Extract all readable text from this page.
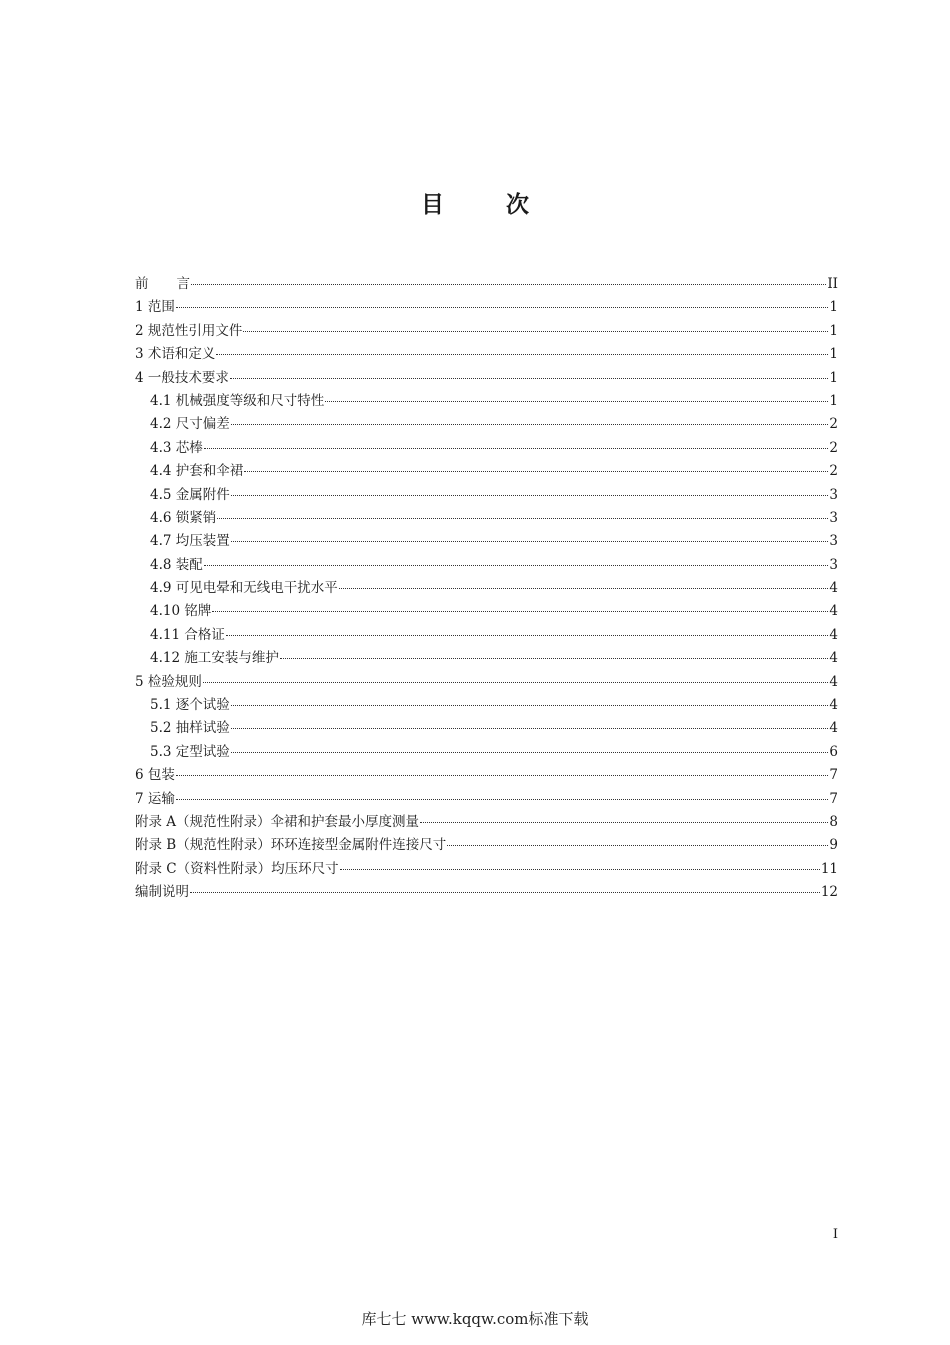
目次
前言	II
1 范围	1
2 规范性引用文件	1
3 术语和定义	1
4 一般技术要求	1
4.1 机械强度等级和尺寸特性	1
4.2 尺寸偏差	2
4.3 芯棒	2
4.4 护套和伞裙	2
4.5 金属附件	3
4.6 锁紧销	3
4.7 均压装置	3
4.8 装配	3
4.9 可见电晕和无线电干扰水平	4
4.10 铭牌	4
4.11 合格证	4
4.12 施工安装与维护	4
5 检验规则	4
5.1 逐个试验	4
5.2 抽样试验	4
5.3 定型试验	6
6 包装	7
7 运输	7
附录 A（规范性附录）伞裙和护套最小厚度测量	8
附录 B（规范性附录）环环连接型金属附件连接尺寸	9
附录 C（资料性附录）均压环尺寸	11
编制说明	12
I
库七七 www.kqqw.com标准下载
